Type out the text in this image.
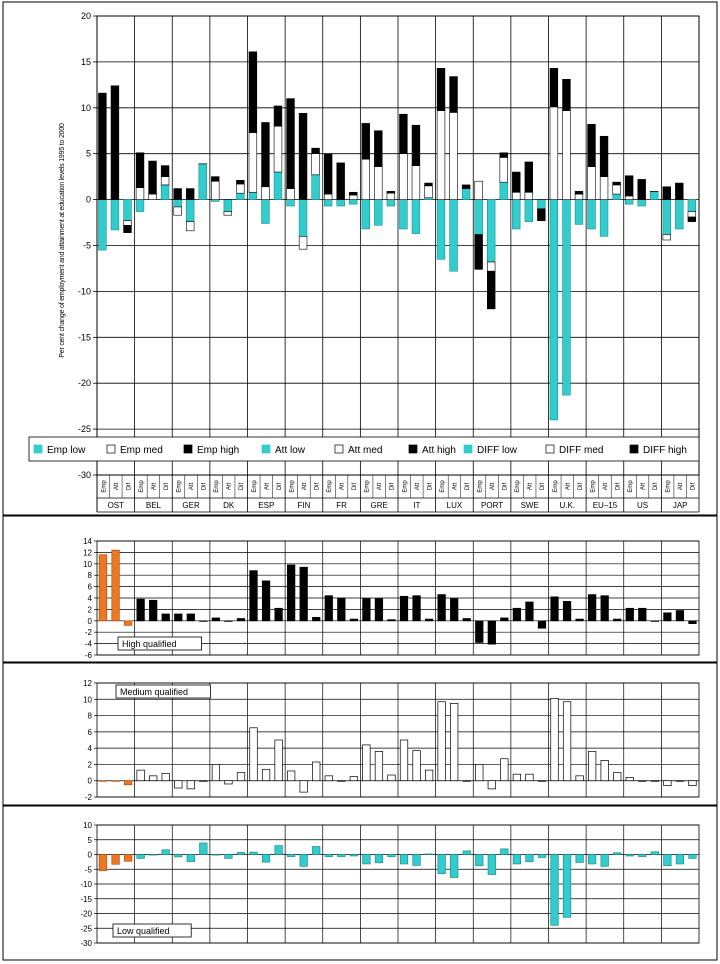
20
15
10
5
0
-5
-10
-15
-20
-25
-30
Per cent change of employment and attainment at education levels 1995 to 2000
Emp low	Emp med	Emp high	Att low	Att med	Att high DIFF low	DIFF med	DIFF high
Emp Att Dif
OST
Emp Att Dif
BEL
Emp Att Dif
GER
Emp Att Dif
DK
Emp Att Dif
ESP
Emp Att Dif
FIN
Emp Att Dif
FR
Emp Att Dif
GRE
Emp Att Dif
IT
Emp Att Dif
LUX
Emp Att Dif
PORT
Emp Att Dif
SWE
Emp Att Dif
U.K.
Emp Att Dif
EU–15
Emp Att Dif
US
Emp Att Dif
JAP
14
12
10
8
6
4
2
0
-2
-4
-6
High qualified
12
10
8
6
4
2
0
-2
Medium qualified
10
5
0
-5
-10
-15
-20
-25
-30
Low qualified
